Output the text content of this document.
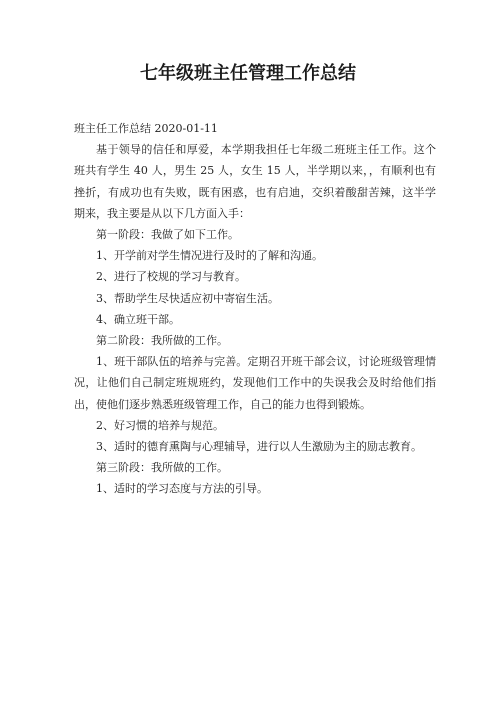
七年级班主任管理工作总结

班主任工作总结 2020-01-11

基于领导的信任和厚爱，本学期我担任七年级二班班主任工作。这个班共有学生 40 人，男生 25 人，女生 15 人，半学期以来，，有顺利也有挫折，有成功也有失败，既有困惑，也有启迪，交织着酸甜苦辣，这半学期来，我主要是从以下几方面入手：

第一阶段：我做了如下工作。

1、开学前对学生情况进行及时的了解和沟通。

2、进行了校规的学习与教育。

3、帮助学生尽快适应初中寄宿生活。

4、确立班干部。

第二阶段：我所做的工作。

1、班干部队伍的培养与完善。定期召开班干部会议，讨论班级管理情况，让他们自己制定班规班约，发现他们工作中的失误我会及时给他们指出，使他们逐步熟悉班级管理工作，自己的能力也得到锻炼。

2、好习惯的培养与规范。

3、适时的德育熏陶与心理辅导，进行以人生激励为主的励志教育。

第三阶段：我所做的工作。

1、适时的学习态度与方法的引导。
